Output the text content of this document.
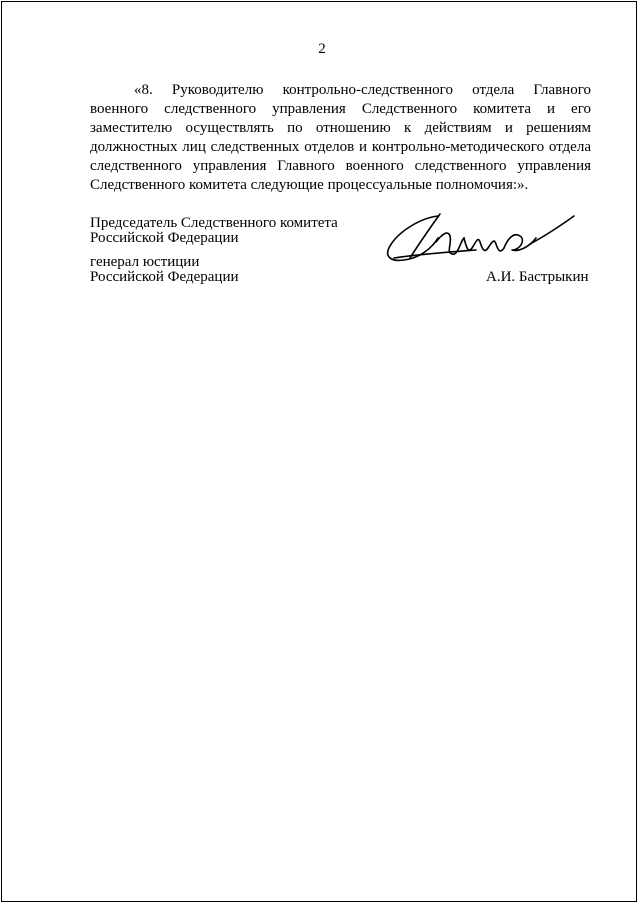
2

«8. Руководителю контрольно-следственного отдела Главного военного следственного управления Следственного комитета и его заместителю осуществлять по отношению к действиям и решениям должностных лиц следственных отделов и контрольно-методического отдела следственного управления Главного военного следственного управления Следственного комитета следующие процессуальные полномочия:».

Председатель Следственного комитета
Российской Федерации
генерал юстиции
Российской Федерации	А.И. Бастрыкин
